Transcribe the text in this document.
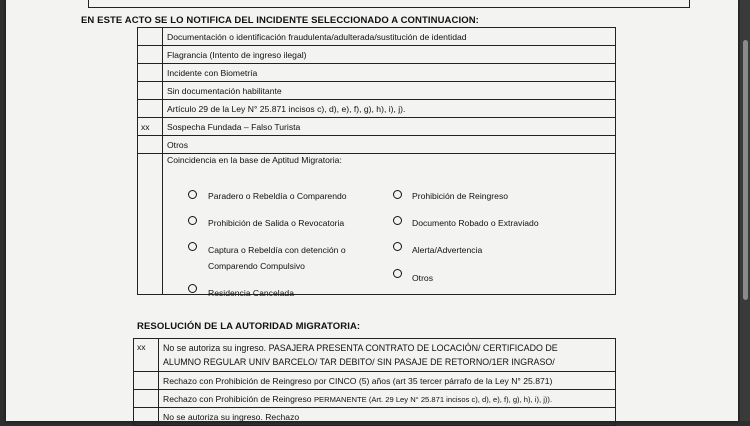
EN ESTE ACTO SE LO NOTIFICA DEL INCIDENTE SELECCIONADO A CONTINUACION:
	Documentación o identificación fraudulenta/adulterada/sustitución de identidad
	Flagrancia (Intento de ingreso ilegal)
	Incidente con Biometría
	Sin documentación habilitante
	Artículo 29 de la Ley N° 25.871 incisos c), d), e), f), g), h), i), j).
xx	Sospecha Fundada – Falso Turista
	Otros

	Coincidencia en la base de Aptitud Migratoria:
Paradero o Rebeldía o Comparendo
Prohibición de Salida o Revocatoria
Captura o Rebeldía con detención o
Comparendo Compulsivo
Residencia Cancelada
Prohibición de Reingreso
Documento Robado o Extraviado
Alerta/Advertencia
Otros
RESOLUCIÓN DE LA AUTORIDAD MIGRATORIA:
xx	No se autoriza su ingreso. PASAJERA PRESENTA CONTRATO DE LOCACIÓN/ CERTIFICADO DE
ALUMNO REGULAR UNIV BARCELO/ TAR DEBITO/ SIN PASAJE DE RETORNO/1ER INGRASO/

	Rechazo con Prohibición de Reingreso por CINCO (5) años (art 35 tercer párrafo de la Ley N° 25.871)
	Rechazo con Prohibición de Reingreso PERMANENTE (Art. 29 Ley N° 25.871 incisos c), d), e), f), g), h), i), j)).
	No se autoriza su ingreso. Rechazo
